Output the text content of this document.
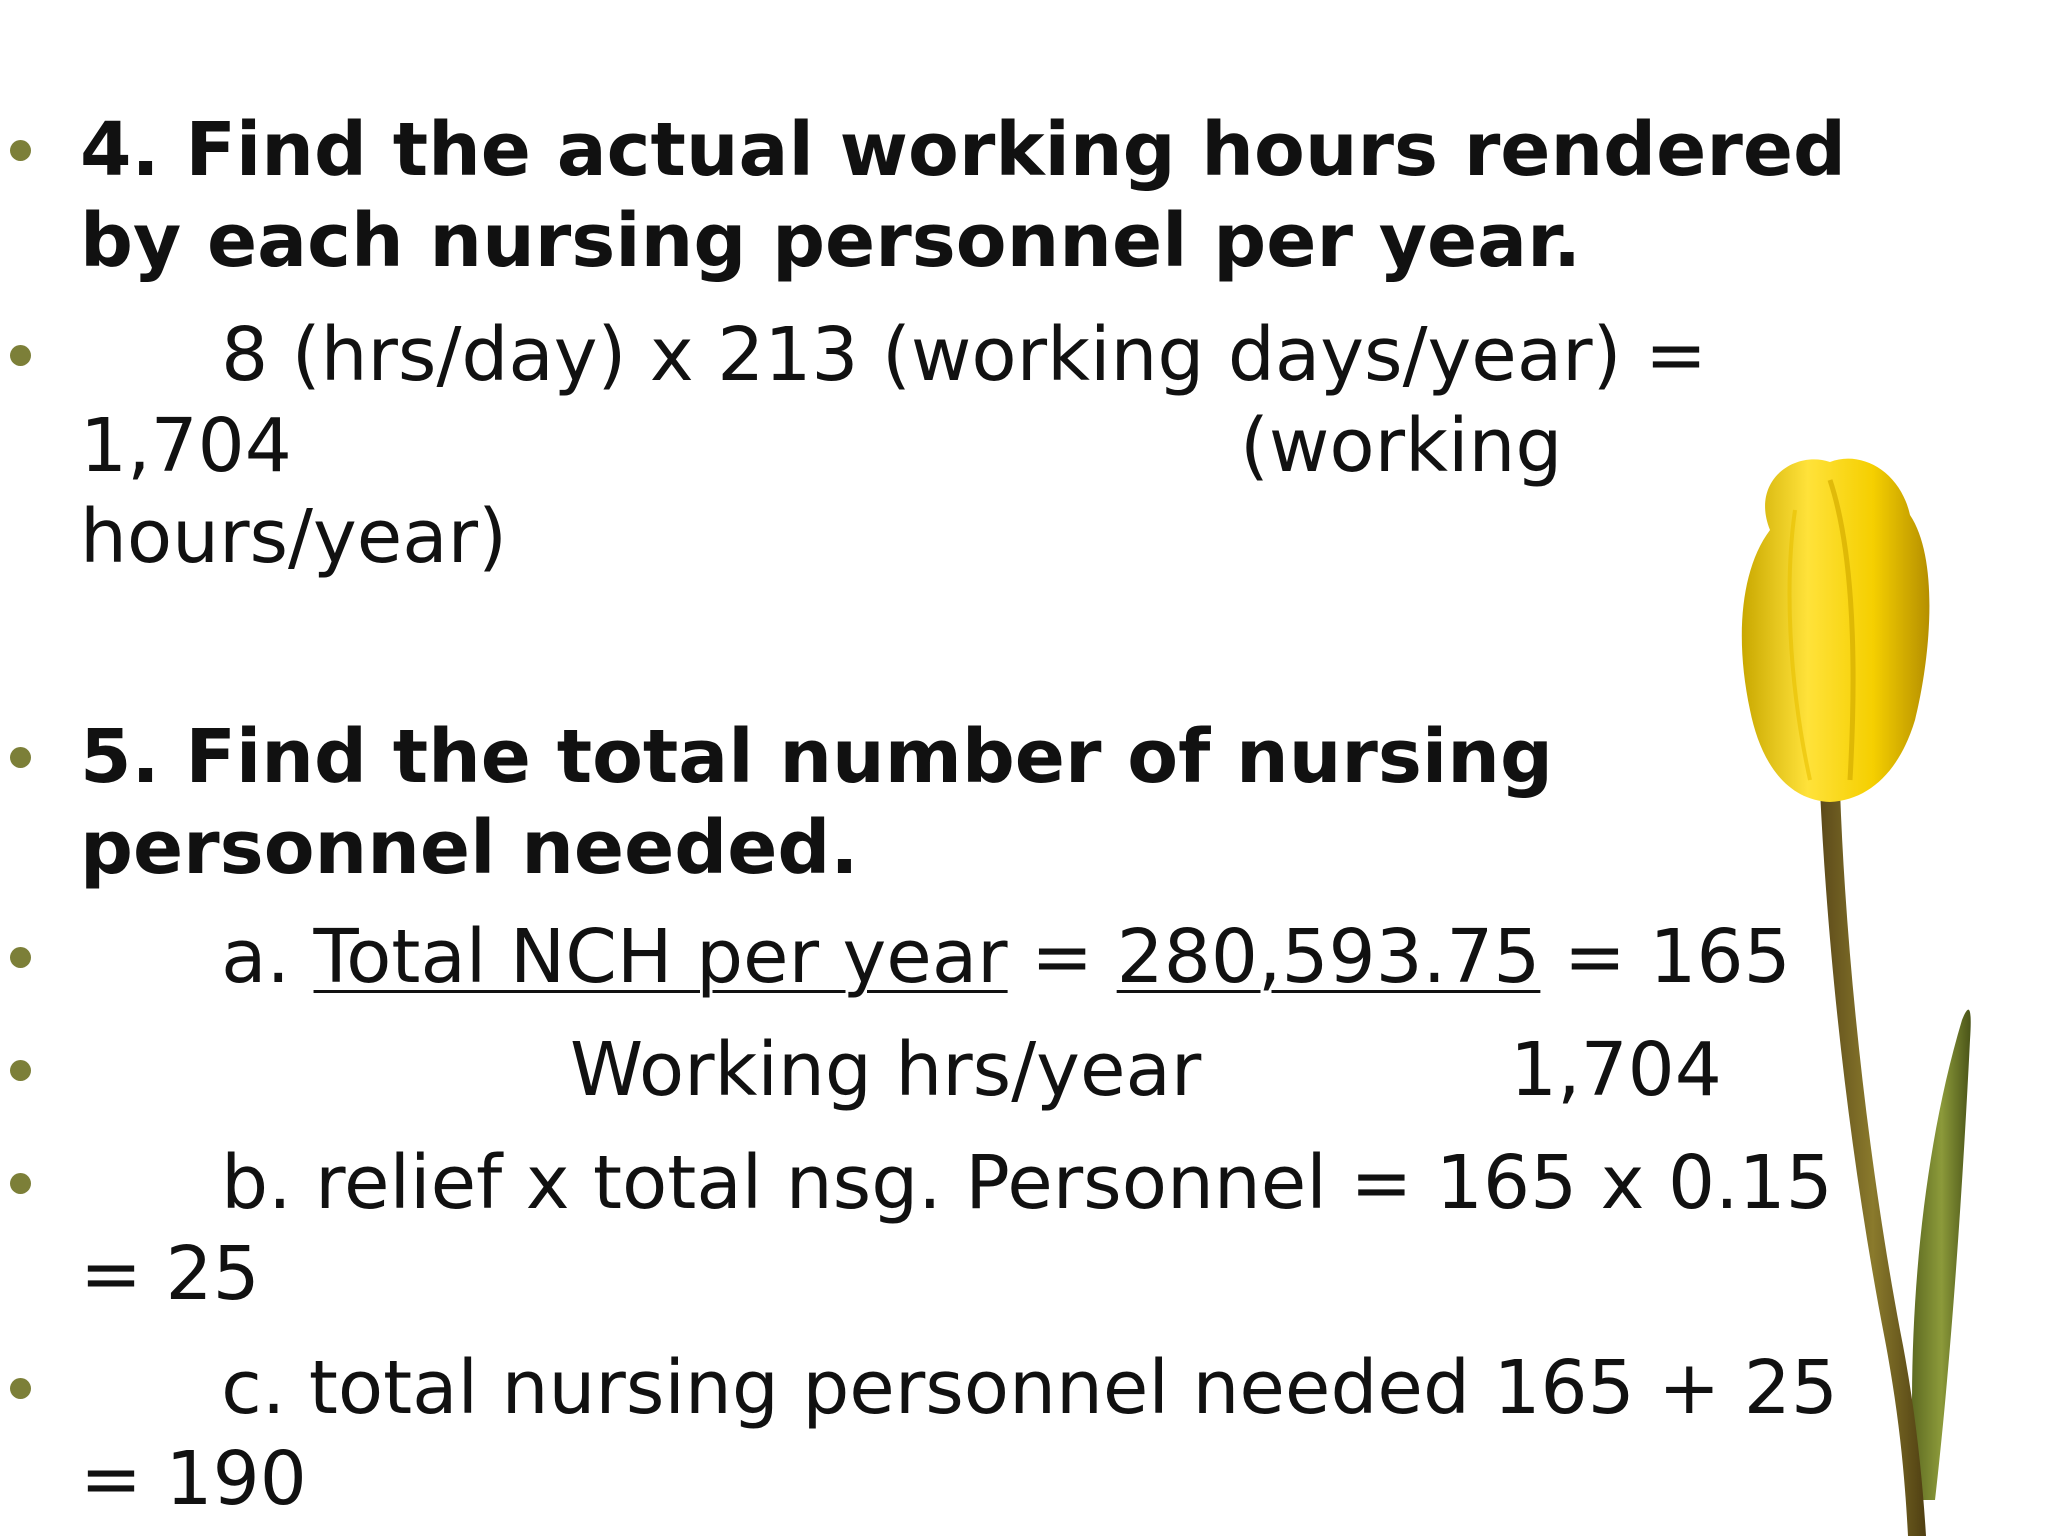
4. Find the actual working hours rendered
by each nursing personnel per year.
8 (hrs/day) x 213 (working days/year) =
1,704	(working
hours/year)
5. Find the total number of nursing
personnel needed.
a. Total NCH per year = 280,593.75 = 165
Working hrs/year	1,704
b. relief x total nsg. Personnel = 165 x 0.15
= 25
c. total nursing personnel needed 165 + 25
= 190
